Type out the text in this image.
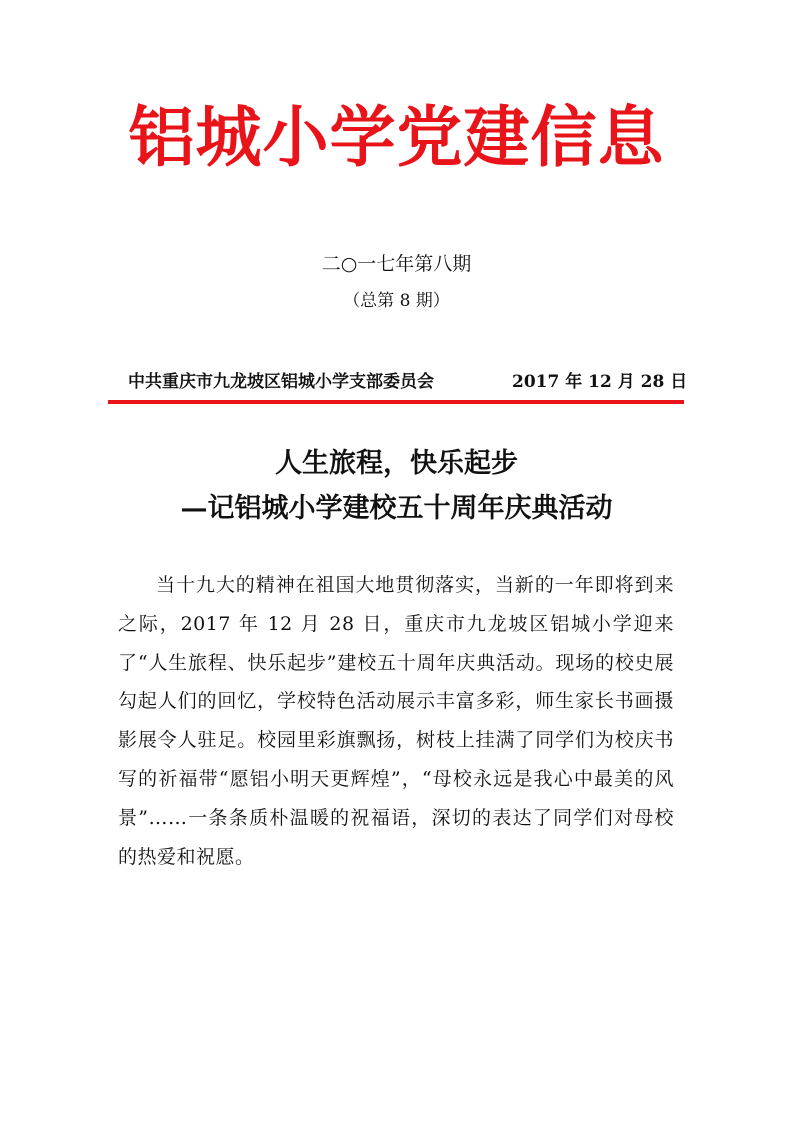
铝城小学党建信息
二○一七年第八期
（总第 8 期）
中共重庆市九龙坡区铝城小学支部委员会	2017 年 12 月 28 日
人生旅程，快乐起步
—记铝城小学建校五十周年庆典活动

当十九大的精神在祖国大地贯彻落实，当新的一年即将到来之际，2017 年 12 月 28 日，重庆市九龙坡区铝城小学迎来了“人生旅程、快乐起步”建校五十周年庆典活动。现场的校史展勾起人们的回忆，学校特色活动展示丰富多彩，师生家长书画摄影展令人驻足。校园里彩旗飘扬，树枝上挂满了同学们为校庆书写的祈福带“愿铝小明天更辉煌”，“母校永远是我心中最美的风景”……一条条质朴温暖的祝福语，深切的表达了同学们对母校的热爱和祝愿。
